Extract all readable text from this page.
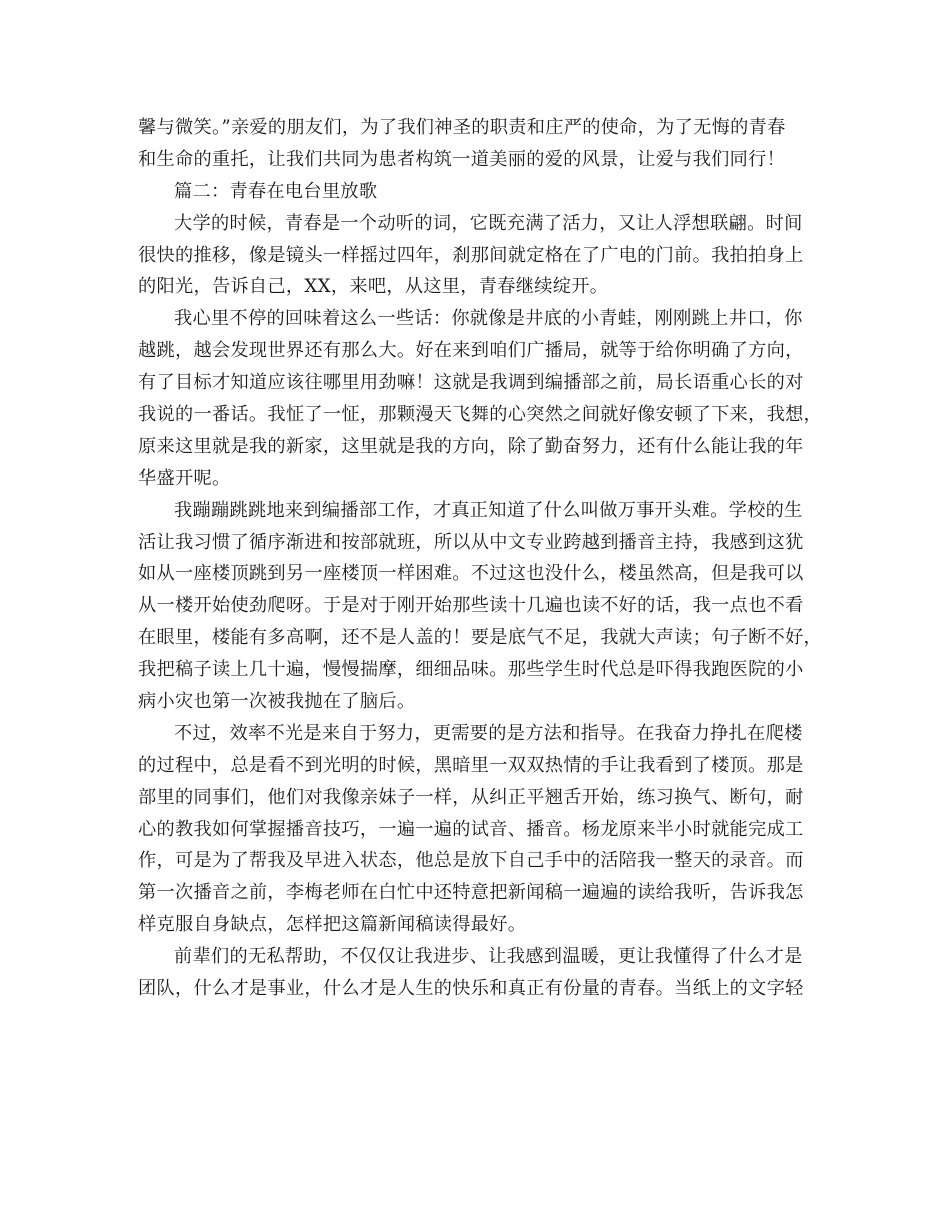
馨与微笑。”亲爱的朋友们，为了我们神圣的职责和庄严的使命，为了无悔的青春
和生命的重托，让我们共同为患者构筑一道美丽的爱的风景，让爱与我们同行！
篇二：青春在电台里放歌
大学的时候，青春是一个动听的词，它既充满了活力，又让人浮想联翩。时间
很快的推移，像是镜头一样摇过四年，刹那间就定格在了广电的门前。我拍拍身上
的阳光，告诉自己，XX，来吧，从这里，青春继续绽开。
我心里不停的回味着这么一些话：你就像是井底的小青蛙，刚刚跳上井口，你
越跳，越会发现世界还有那么大。好在来到咱们广播局，就等于给你明确了方向，
有了目标才知道应该往哪里用劲嘛！这就是我调到编播部之前，局长语重心长的对
我说的一番话。我怔了一怔，那颗漫天飞舞的心突然之间就好像安顿了下来，我想，
原来这里就是我的新家，这里就是我的方向，除了勤奋努力，还有什么能让我的年
华盛开呢。
我蹦蹦跳跳地来到编播部工作，才真正知道了什么叫做万事开头难。学校的生
活让我习惯了循序渐进和按部就班，所以从中文专业跨越到播音主持，我感到这犹
如从一座楼顶跳到另一座楼顶一样困难。不过这也没什么，楼虽然高，但是我可以
从一楼开始使劲爬呀。于是对于刚开始那些读十几遍也读不好的话，我一点也不看
在眼里，楼能有多高啊，还不是人盖的！要是底气不足，我就大声读；句子断不好，
我把稿子读上几十遍，慢慢揣摩，细细品味。那些学生时代总是吓得我跑医院的小
病小灾也第一次被我抛在了脑后。
不过，效率不光是来自于努力，更需要的是方法和指导。在我奋力挣扎在爬楼
的过程中，总是看不到光明的时候，黑暗里一双双热情的手让我看到了楼顶。那是
部里的同事们，他们对我像亲妹子一样，从纠正平翘舌开始，练习换气、断句，耐
心的教我如何掌握播音技巧，一遍一遍的试音、播音。杨龙原来半小时就能完成工
作，可是为了帮我及早进入状态，他总是放下自己手中的活陪我一整天的录音。而
第一次播音之前，李梅老师在白忙中还特意把新闻稿一遍遍的读给我听，告诉我怎
样克服自身缺点，怎样把这篇新闻稿读得最好。
前辈们的无私帮助，不仅仅让我进步、让我感到温暖，更让我懂得了什么才是
团队，什么才是事业，什么才是人生的快乐和真正有份量的青春。当纸上的文字轻
